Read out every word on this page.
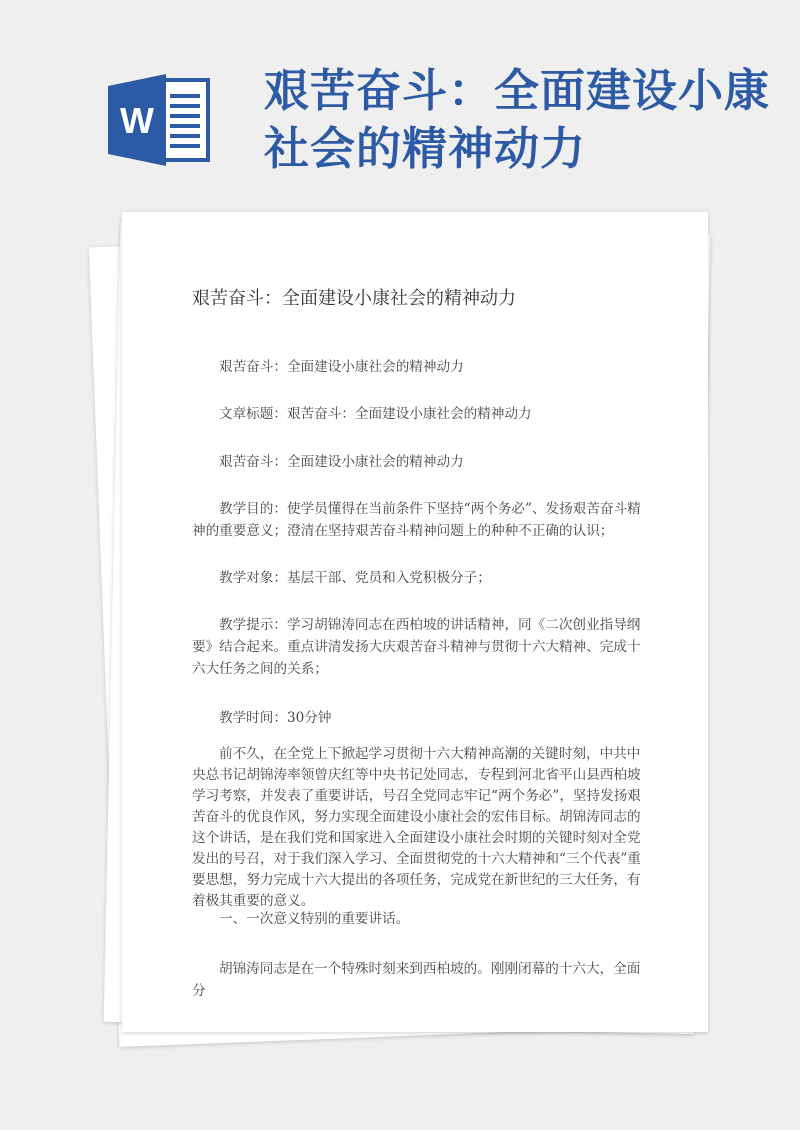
W
艰苦奋斗：全面建设小康社会的精神动力
艰苦奋斗：全面建设小康社会的精神动力
艰苦奋斗：全面建设小康社会的精神动力
文章标题：艰苦奋斗：全面建设小康社会的精神动力
艰苦奋斗：全面建设小康社会的精神动力
教学目的：使学员懂得在当前条件下坚持“两个务必”、发扬艰苦奋斗精神的重要意义；澄清在坚持艰苦奋斗精神问题上的种种不正确的认识；
教学对象：基层干部、党员和入党积极分子；
教学提示：学习胡锦涛同志在西柏坡的讲话精神，同《二次创业指导纲要》结合起来。重点讲清发扬大庆艰苦奋斗精神与贯彻十六大精神、完成十六大任务之间的关系；
教学时间：30分钟
前不久，在全党上下掀起学习贯彻十六大精神高潮的关键时刻，中共中央总书记胡锦涛率领曾庆红等中央书记处同志，专程到河北省平山县西柏坡学习考察，并发表了重要讲话，号召全党同志牢记“两个务必”，坚持发扬艰苦奋斗的优良作风，努力实现全面建设小康社会的宏伟目标。胡锦涛同志的这个讲话，是在我们党和国家进入全面建设小康社会时期的关键时刻对全党发出的号召，对于我们深入学习、全面贯彻党的十六大精神和“三个代表”重要思想，努力完成十六大提出的各项任务，完成党在新世纪的三大任务，有着极其重要的意义。
一、一次意义特别的重要讲话。
胡锦涛同志是在一个特殊时刻来到西柏坡的。刚刚闭幕的十六大，全面分
